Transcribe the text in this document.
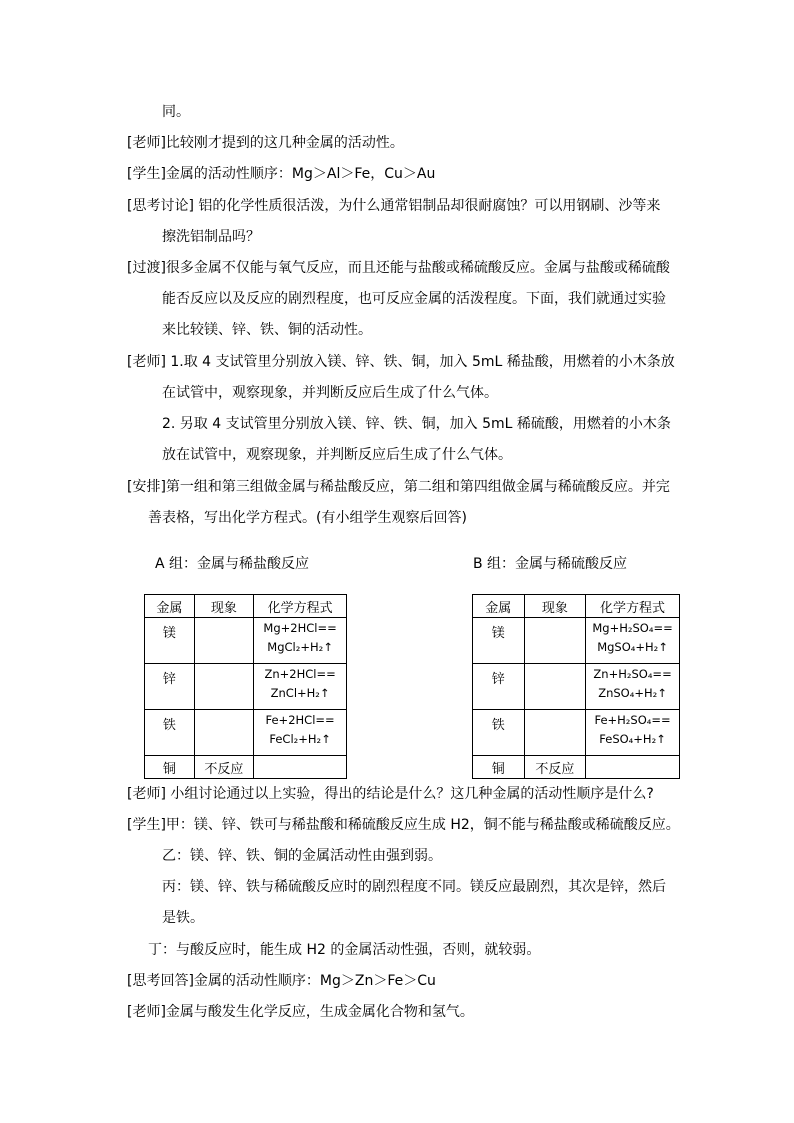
同。
[老师]比较刚才提到的这几种金属的活动性。
[学生]金属的活动性顺序：Mg＞Al＞Fe，Cu＞Au
[思考讨论] 铝的化学性质很活泼，为什么通常铝制品却很耐腐蚀？可以用钢刷、沙等来
擦洗铝制品吗？
[过渡]很多金属不仅能与氧气反应，而且还能与盐酸或稀硫酸反应。金属与盐酸或稀硫酸
能否反应以及反应的剧烈程度，也可反应金属的活泼程度。下面，我们就通过实验
来比较镁、锌、铁、铜的活动性。
[老师] 1.取 4 支试管里分别放入镁、锌、铁、铜，加入 5mL 稀盐酸，用燃着的小木条放
在试管中，观察现象，并判断反应后生成了什么气体。
2. 另取 4 支试管里分别放入镁、锌、铁、铜，加入 5mL 稀硫酸，用燃着的小木条
放在试管中，观察现象，并判断反应后生成了什么气体。
[安排]第一组和第三组做金属与稀盐酸反应，第二组和第四组做金属与稀硫酸反应。并完
善表格，写出化学方程式。(有小组学生观察后回答)
A 组：金属与稀盐酸反应
金属	现象	化学方程式
镁		Mg+2HCl==
MgCl₂+H₂↑

锌		Zn+2HCl==
ZnCl+H₂↑

铁		Fe+2HCl==
FeCl₂+H₂↑

铜	不反应	
B 组：金属与稀硫酸反应
金属	现象	化学方程式
镁		Mg+H₂SO₄==
MgSO₄+H₂↑

锌		Zn+H₂SO₄==
ZnSO₄+H₂↑

铁		Fe+H₂SO₄==
FeSO₄+H₂↑

铜	不反应	
[老师] 小组讨论通过以上实验，得出的结论是什么？这几种金属的活动性顺序是什么?
[学生]甲：镁、锌、铁可与稀盐酸和稀硫酸反应生成 H2，铜不能与稀盐酸或稀硫酸反应。
乙：镁、锌、铁、铜的金属活动性由强到弱。
丙：镁、锌、铁与稀硫酸反应时的剧烈程度不同。镁反应最剧烈，其次是锌，然后
是铁。
丁：与酸反应时，能生成 H2 的金属活动性强，否则，就较弱。
[思考回答]金属的活动性顺序：Mg＞Zn＞Fe＞Cu
[老师]金属与酸发生化学反应，生成金属化合物和氢气。
